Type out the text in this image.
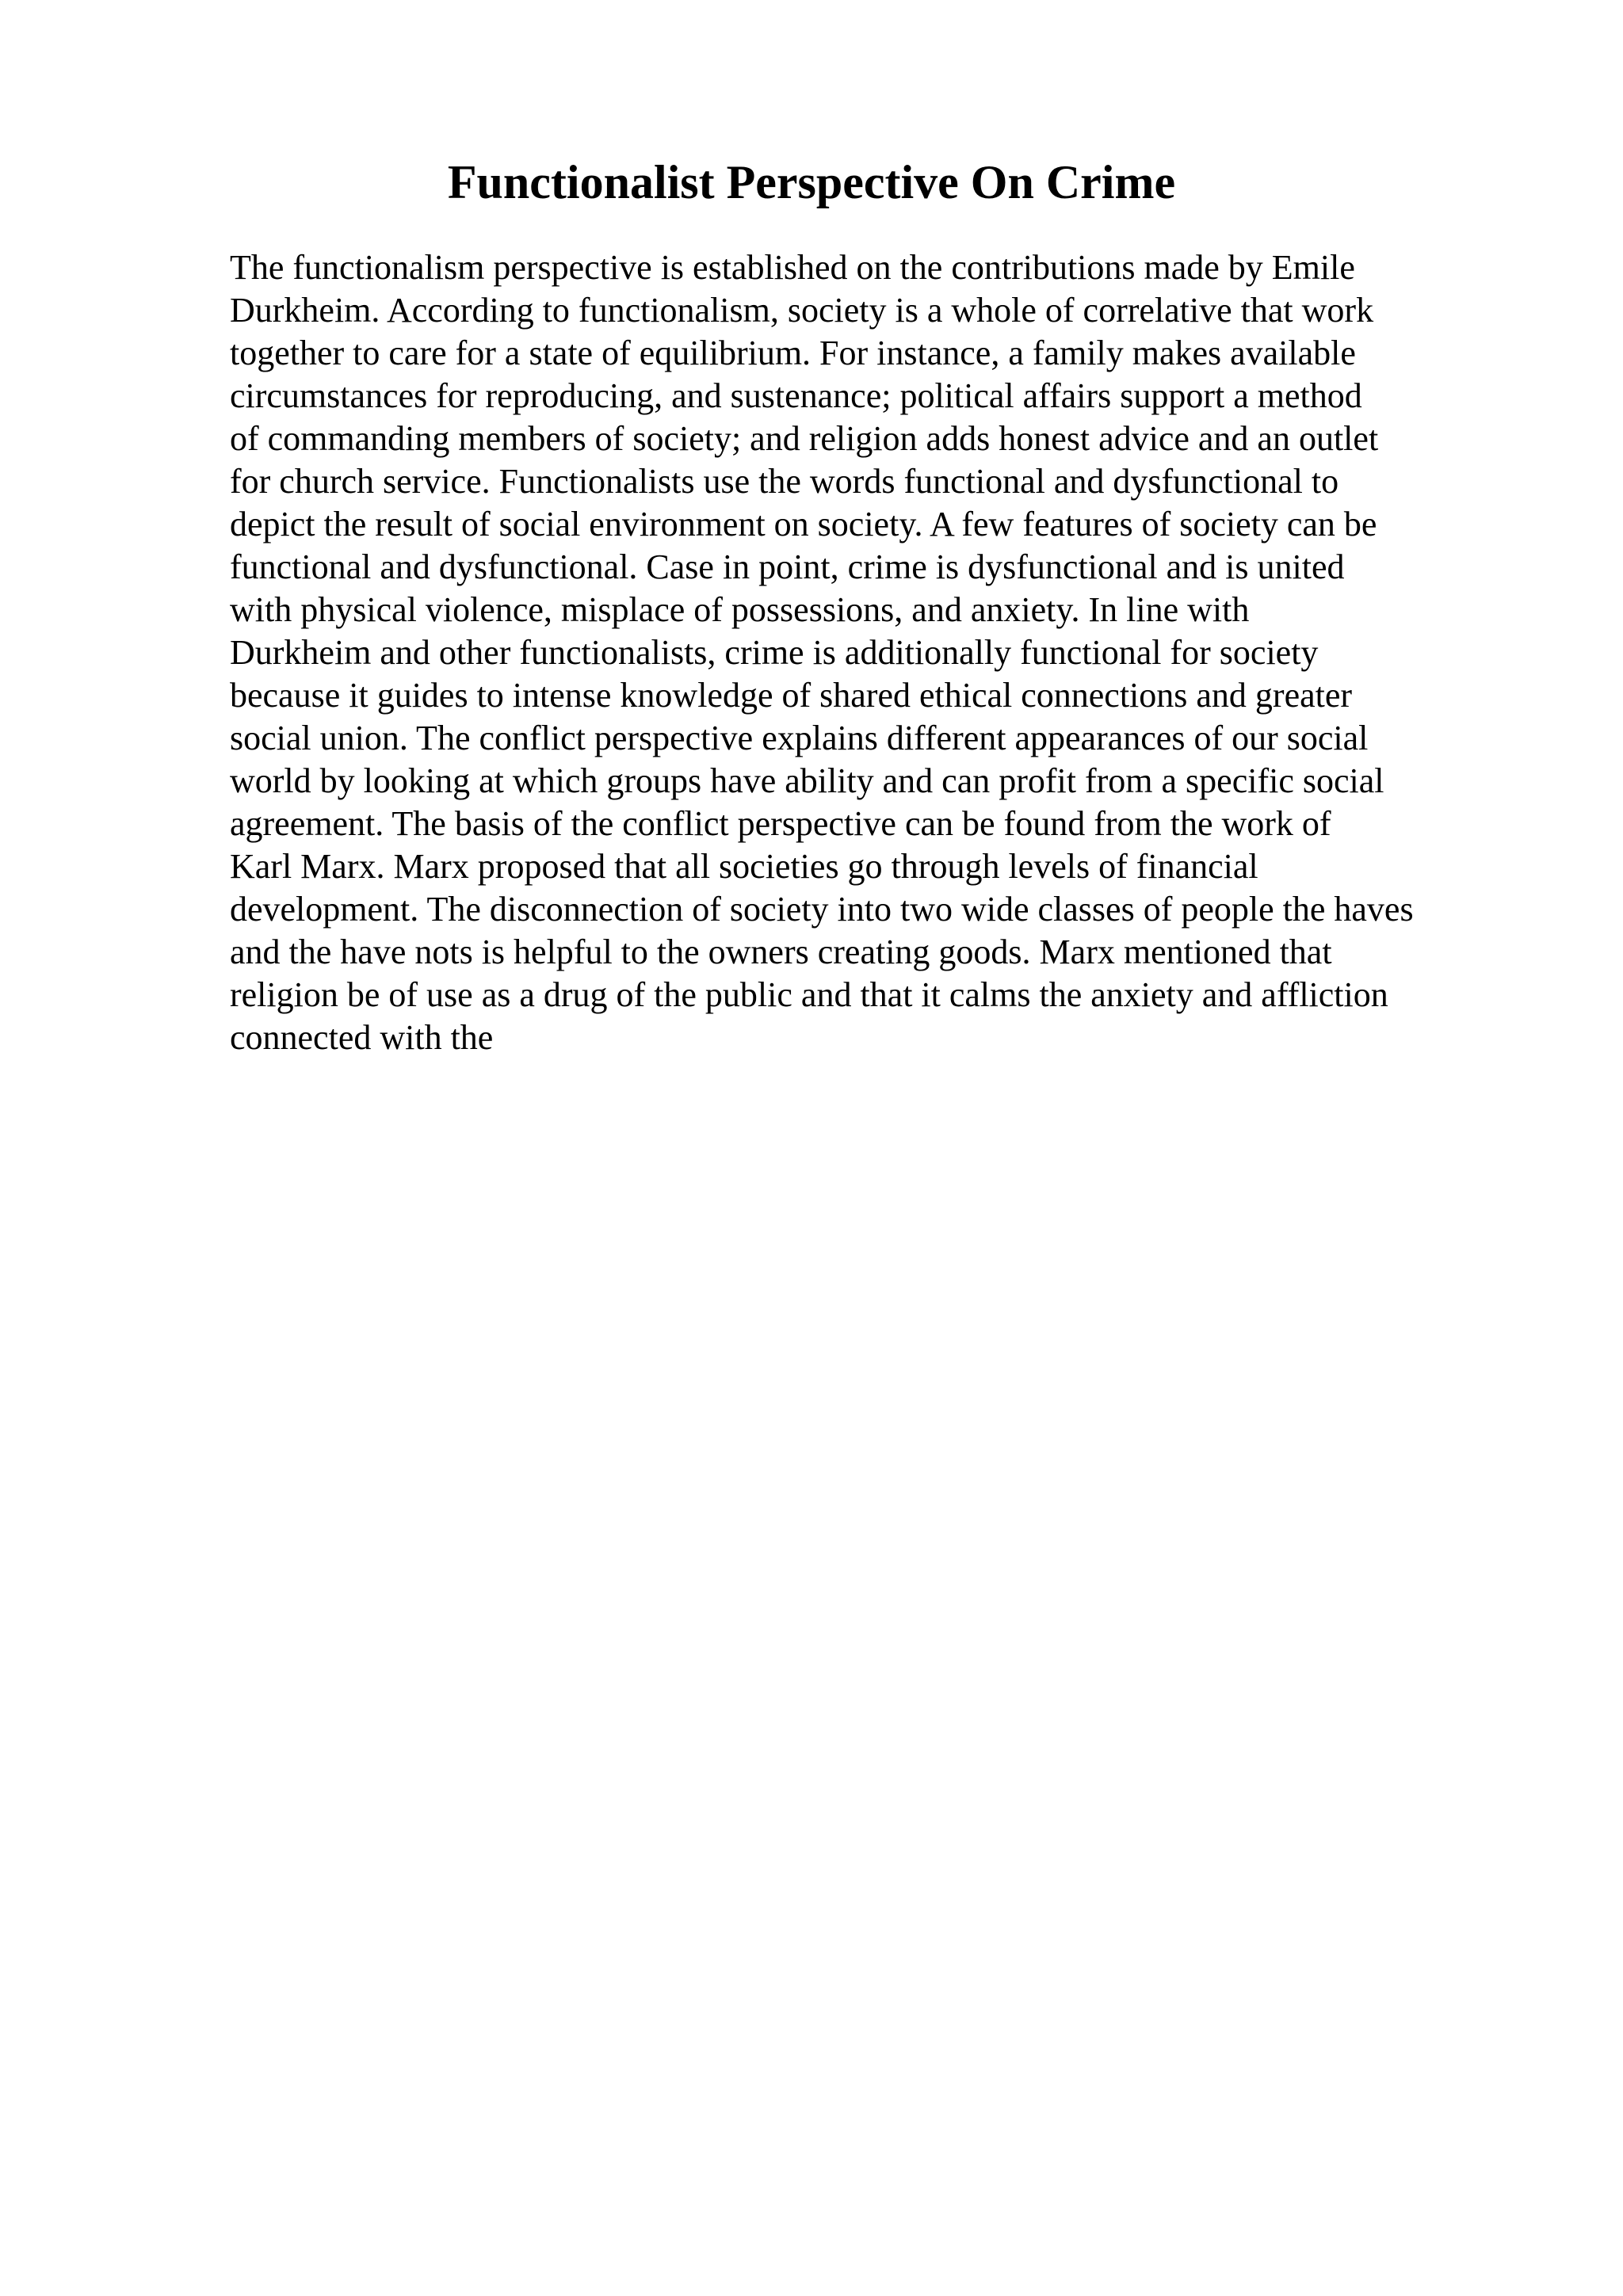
Functionalist Perspective On Crime
The functionalism perspective is established on the contributions made by Emile
Durkheim. According to functionalism, society is a whole of correlative that work
together to care for a state of equilibrium. For instance, a family makes available
circumstances for reproducing, and sustenance; political affairs support a method
of commanding members of society; and religion adds honest advice and an outlet
for church service. Functionalists use the words functional and dysfunctional to
depict the result of social environment on society. A few features of society can be
functional and dysfunctional. Case in point, crime is dysfunctional and is united
with physical violence, misplace of possessions, and anxiety. In line with
Durkheim and other functionalists, crime is additionally functional for society
because it guides to intense knowledge of shared ethical connections and greater
social union. The conflict perspective explains different appearances of our social
world by looking at which groups have ability and can profit from a specific social
agreement. The basis of the conflict perspective can be found from the work of
Karl Marx. Marx proposed that all societies go through levels of financial
development. The disconnection of society into two wide classes of people the haves
and the have nots is helpful to the owners creating goods. Marx mentioned that
religion be of use as a drug of the public and that it calms the anxiety and affliction
connected with the
